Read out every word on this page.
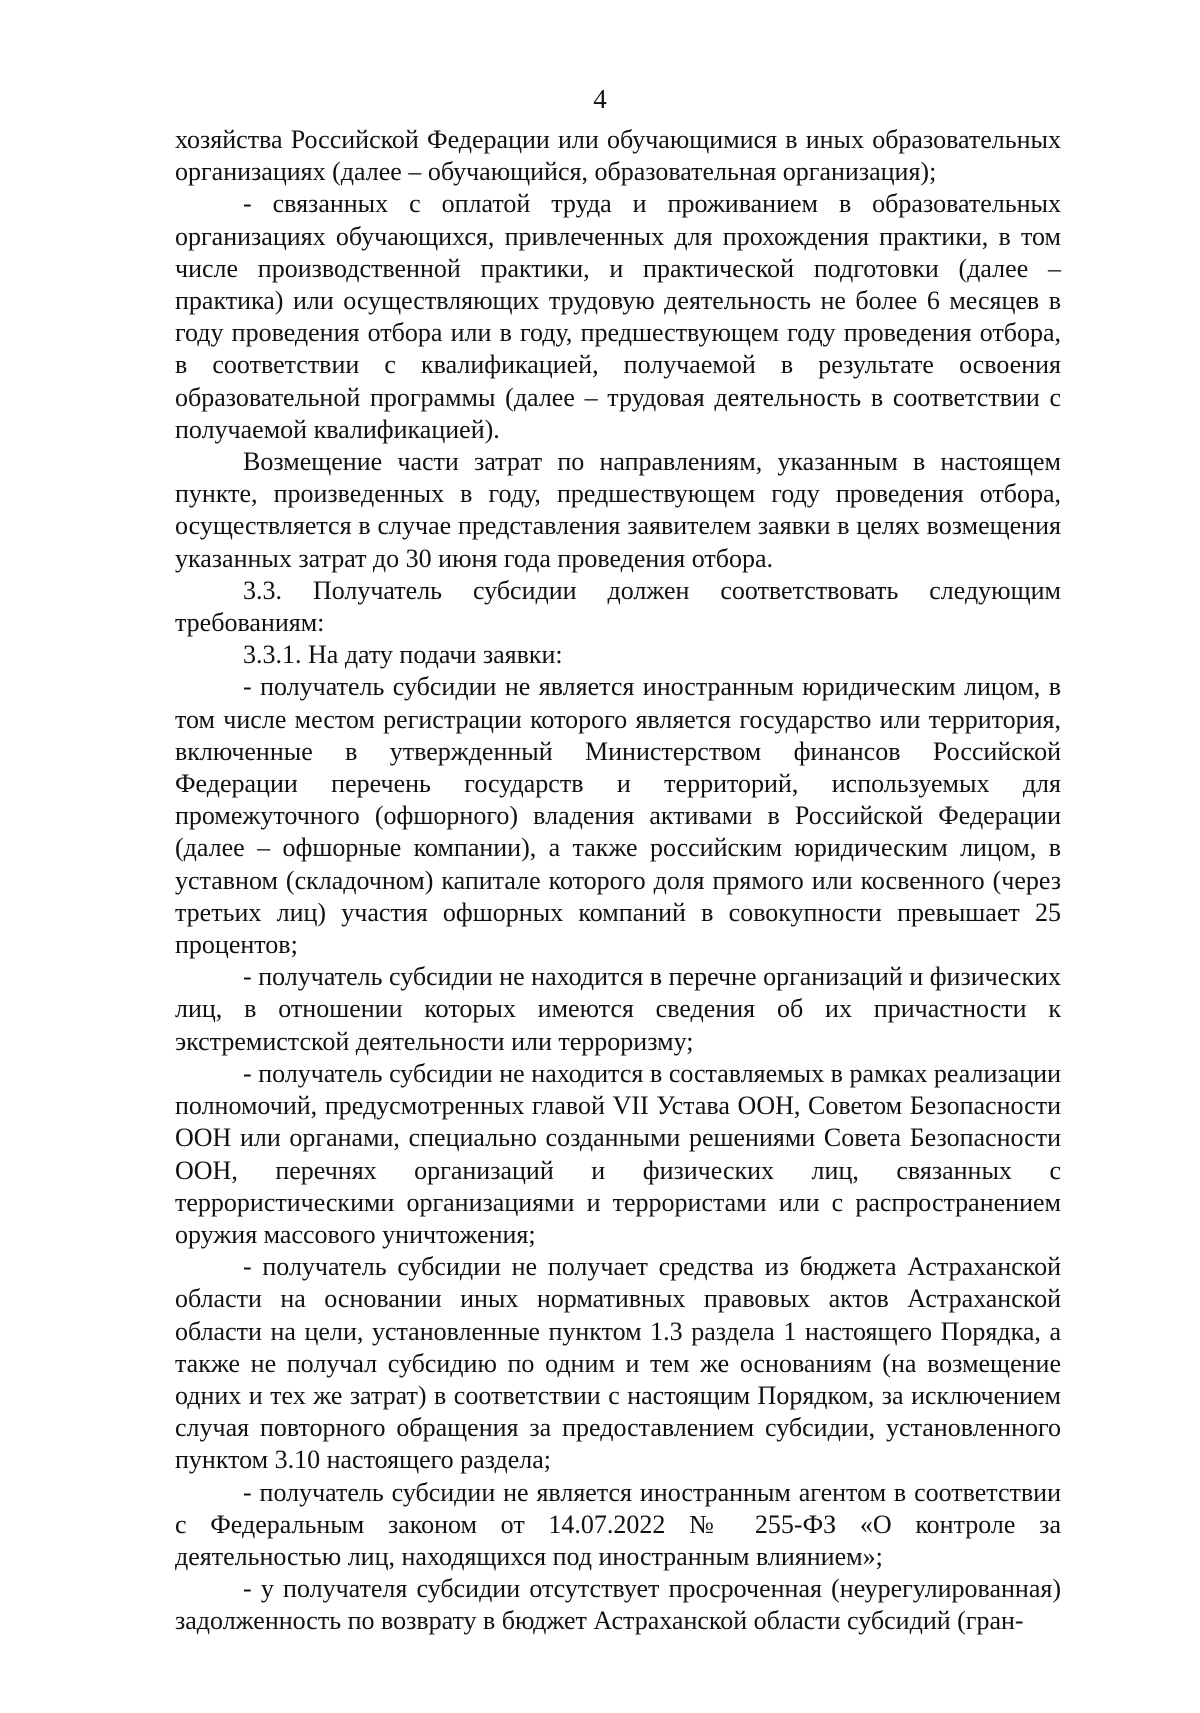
4

хозяйства Российской Федерации или обучающимися в иных образовательных организациях (далее – обучающийся, образовательная организация);

- связанных с оплатой труда и проживанием в образовательных организациях обучающихся, привлеченных для прохождения практики, в том числе производственной практики, и практической подготовки (далее – практика) или осуществляющих трудовую деятельность не более 6 месяцев в году проведения отбора или в году, предшествующем году проведения отбора, в соответствии с квалификацией, получаемой в результате освоения образовательной программы (далее – трудовая деятельность в соответствии с получаемой квалификацией).

Возмещение части затрат по направлениям, указанным в настоящем пункте, произведенных в году, предшествующем году проведения отбора, осуществляется в случае представления заявителем заявки в целях возмещения указанных затрат до 30 июня года проведения отбора.

3.3. Получатель субсидии должен соответствовать следующим требованиям:

3.3.1. На дату подачи заявки:

- получатель субсидии не является иностранным юридическим лицом, в том числе местом регистрации которого является государство или территория, включенные в утвержденный Министерством финансов Российской Федерации перечень государств и территорий, используемых для промежуточного (офшорного) владения активами в Российской Федерации (далее – офшорные компании), а также российским юридическим лицом, в уставном (складочном) капитале которого доля прямого или косвенного (через третьих лиц) участия офшорных компаний в совокупности превышает 25 процентов;

- получатель субсидии не находится в перечне организаций и физических лиц, в отношении которых имеются сведения об их причастности к экстремистской деятельности или терроризму;

- получатель субсидии не находится в составляемых в рамках реализации полномочий, предусмотренных главой VII Устава ООН, Советом Безопасности ООН или органами, специально созданными решениями Совета Безопасности ООН, перечнях организаций и физических лиц, связанных с террористическими организациями и террористами или с распространением оружия массового уничтожения;

- получатель субсидии не получает средства из бюджета Астраханской области на основании иных нормативных правовых актов Астраханской области на цели, установленные пунктом 1.3 раздела 1 настоящего Порядка, а также не получал субсидию по одним и тем же основаниям (на возмещение одних и тех же затрат) в соответствии с настоящим Порядком, за исключением случая повторного обращения за предоставлением субсидии, установленного пунктом 3.10 настоящего раздела;

- получатель субсидии не является иностранным агентом в соответствии с Федеральным законом от 14.07.2022 № 255-ФЗ «О контроле за деятельностью лиц, находящихся под иностранным влиянием»;

- у получателя субсидии отсутствует просроченная (неурегулированная) задолженность по возврату в бюджет Астраханской области субсидий (гран-
